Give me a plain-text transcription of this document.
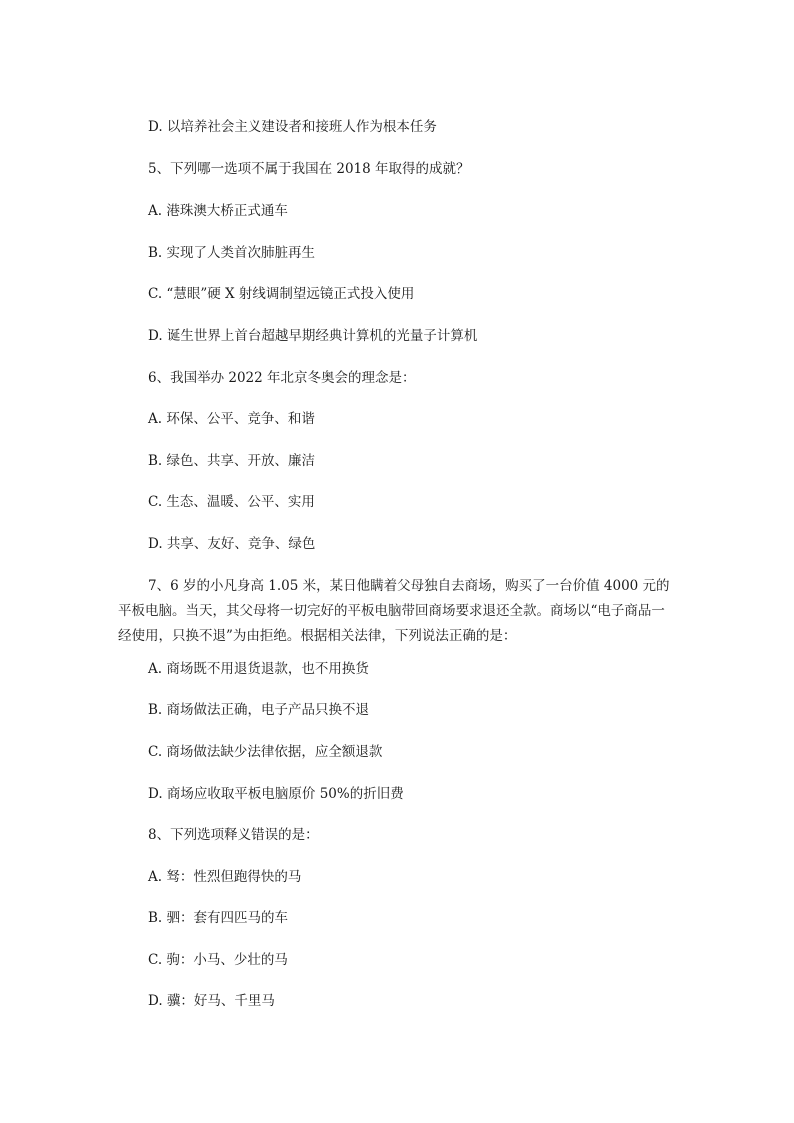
D. 以培养社会主义建设者和接班人作为根本任务
5、下列哪一选项不属于我国在 2018 年取得的成就？
A. 港珠澳大桥正式通车
B. 实现了人类首次肺脏再生
C. “慧眼”硬 X 射线调制望远镜正式投入使用
D. 诞生世界上首台超越早期经典计算机的光量子计算机
6、我国举办 2022 年北京冬奥会的理念是：
A. 环保、公平、竞争、和谐
B. 绿色、共享、开放、廉洁
C. 生态、温暖、公平、实用
D. 共享、友好、竞争、绿色
7、6 岁的小凡身高 1.05 米，某日他瞒着父母独自去商场，购买了一台价值 4000 元的平板电脑。当天，其父母将一切完好的平板电脑带回商场要求退还全款。商场以“电子商品一经使用，只换不退”为由拒绝。根据相关法律，下列说法正确的是：
A. 商场既不用退货退款，也不用换货
B. 商场做法正确，电子产品只换不退
C. 商场做法缺少法律依据，应全额退款
D. 商场应收取平板电脑原价 50%的折旧费
8、下列选项释义错误的是：
A. 驽：性烈但跑得快的马
B. 驷：套有四匹马的车
C. 驹：小马、少壮的马
D. 骥：好马、千里马
